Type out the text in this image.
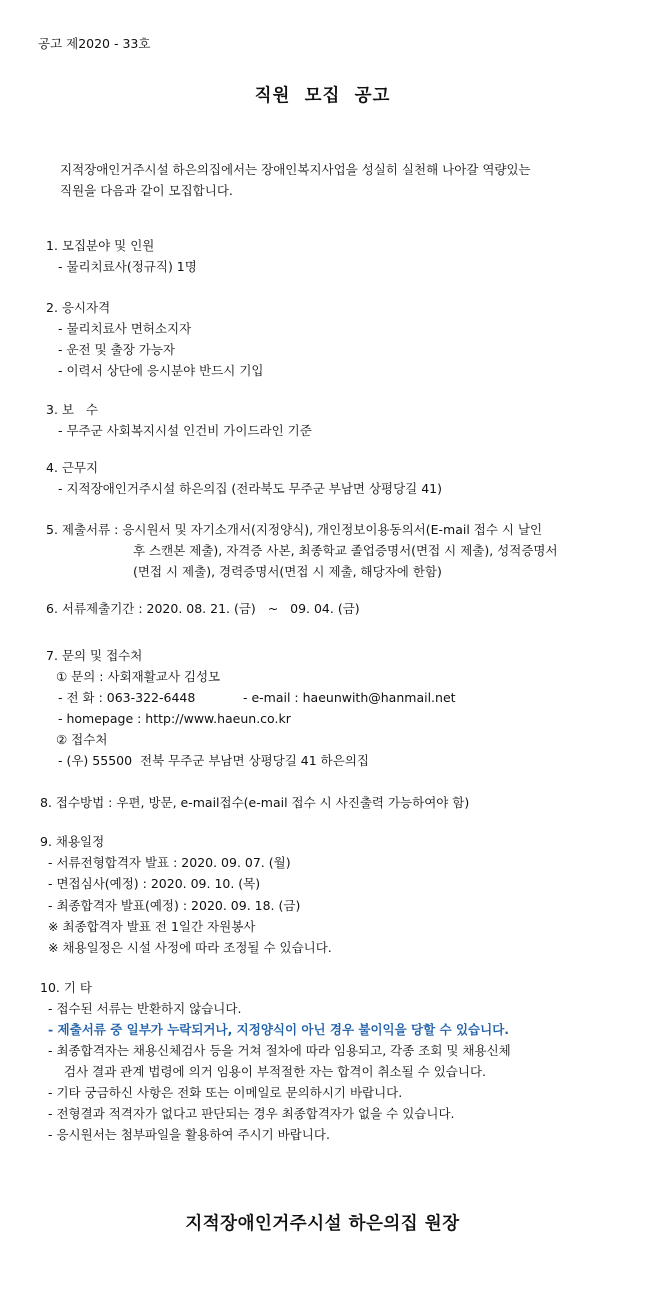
공고 제2020 - 33호
직원  모집  공고
지적장애인거주시설 하은의집에서는 장애인복지사업을 성실히 실천해 나아갈 역량있는
직원을 다음과 같이 모집합니다.
1. 모집분야 및 인원
- 물리치료사(정규직) 1명
2. 응시자격
- 물리치료사 면허소지자
- 운전 및 출장 가능자
- 이력서 상단에 응시분야 반드시 기입
3. 보   수
- 무주군 사회복지시설 인건비 가이드라인 기준
4. 근무지
- 지적장애인거주시설 하은의집 (전라북도 무주군 부남면 상평당길 41)
5. 제출서류 : 응시원서 및 자기소개서(지정양식), 개인정보이용동의서(E-mail 접수 시 날인
후 스캔본 제출), 자격증 사본, 최종학교 졸업증명서(면접 시 제출), 성적증명서
(면접 시 제출), 경력증명서(면접 시 제출, 해당자에 한함)
6. 서류제출기간 : 2020. 08. 21. (금)   ~   09. 04. (금)
7. 문의 및 접수처
① 문의 : 사회재활교사 김성모
- 전 화 : 063-322-6448            - e-mail : haeunwith@hanmail.net
- homepage : http://www.haeun.co.kr
② 접수처
- (우) 55500  전북 무주군 부남면 상평당길 41 하은의집
8. 접수방법 : 우편, 방문, e-mail접수(e-mail 접수 시 사진출력 가능하여야 함)
9. 채용일정
- 서류전형합격자 발표 : 2020. 09. 07. (월)
- 면접심사(예정) : 2020. 09. 10. (목)
- 최종합격자 발표(예정) : 2020. 09. 18. (금)
※ 최종합격자 발표 전 1일간 자원봉사
※ 채용일정은 시설 사정에 따라 조정될 수 있습니다.
10. 기 타
- 접수된 서류는 반환하지 않습니다.
- 제출서류 중 일부가 누락되거나, 지정양식이 아닌 경우 불이익을 당할 수 있습니다.
- 최종합격자는 채용신체검사 등을 거쳐 절차에 따라 임용되고, 각종 조회 및 채용신체
검사 결과 관계 법령에 의거 임용이 부적절한 자는 합격이 취소될 수 있습니다.
- 기타 궁금하신 사항은 전화 또는 이메일로 문의하시기 바랍니다.
- 전형결과 적격자가 없다고 판단되는 경우 최종합격자가 없을 수 있습니다.
- 응시원서는 첨부파일을 활용하여 주시기 바랍니다.
지적장애인거주시설 하은의집 원장
